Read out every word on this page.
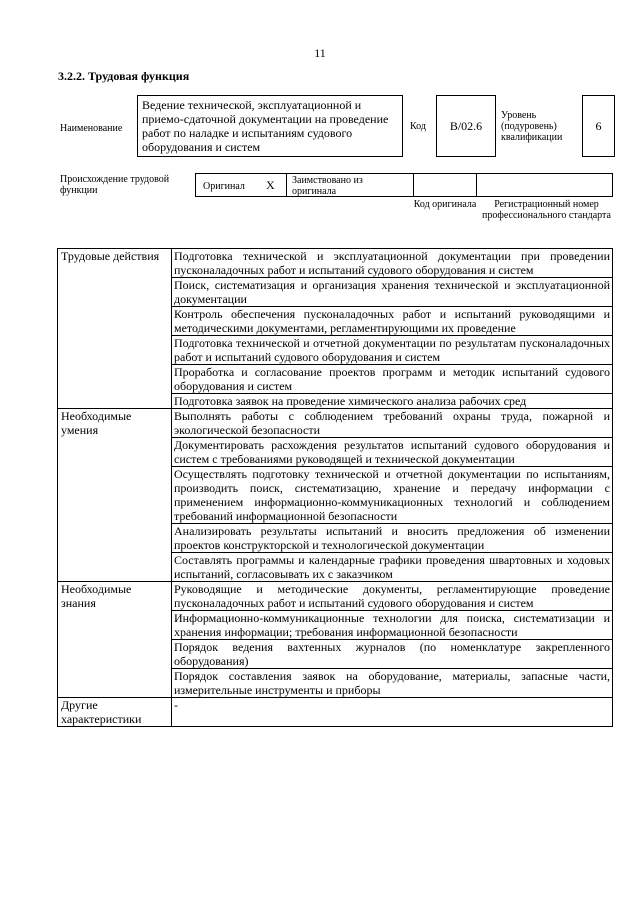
11
3.2.2. Трудовая функция
Наименование
Ведение технической, эксплуатационной и приемо-сдаточной документации на проведение работ по наладке и испытаниям судового оборудования и систем
Код	B/02.6
Уровень (подуровень) квалификации
6
Происхождение трудовой функции	Оригинал X	Заимствовано из оригинала
Код оригинала	Регистрационный номер профессионального стандарта
Трудовые действия	Подготовка технической и эксплуатационной документации при проведении пусконаладочных работ и испытаний судового оборудования и систем
	Поиск, систематизация и организация хранения технической и эксплуатационной документации
	Контроль обеспечения пусконаладочных работ и испытаний руководящими и методическими документами, регламентирующими их проведение
	Подготовка технической и отчетной документации по результатам пусконаладочных работ и испытаний судового оборудования и систем
	Проработка и согласование проектов программ и методик испытаний судового оборудования и систем
	Подготовка заявок на проведение химического анализа рабочих сред
Необходимые умения	Выполнять работы с соблюдением требований охраны труда, пожарной и экологической безопасности
	Документировать расхождения результатов испытаний судового оборудования и систем с требованиями руководящей и технической документации
	Осуществлять подготовку технической и отчетной документации по испытаниям, производить поиск, систематизацию, хранение и передачу информации с применением информационно-коммуникационных технологий и соблюдением требований информационной безопасности
	Анализировать результаты испытаний и вносить предложения об изменении проектов конструкторской и технологической документации
	Составлять программы и календарные графики проведения швартовных и ходовых испытаний, согласовывать их с заказчиком
Необходимые знания	Руководящие и методические документы, регламентирующие проведение пусконаладочных работ и испытаний судового оборудования и систем
	Информационно-коммуникационные технологии для поиска, систематизации и хранения информации; требования информационной безопасности
	Порядок ведения вахтенных журналов (по номенклатуре закрепленного оборудования)
	Порядок составления заявок на оборудование, материалы, запасные части, измерительные инструменты и приборы
Другие характеристики	-
